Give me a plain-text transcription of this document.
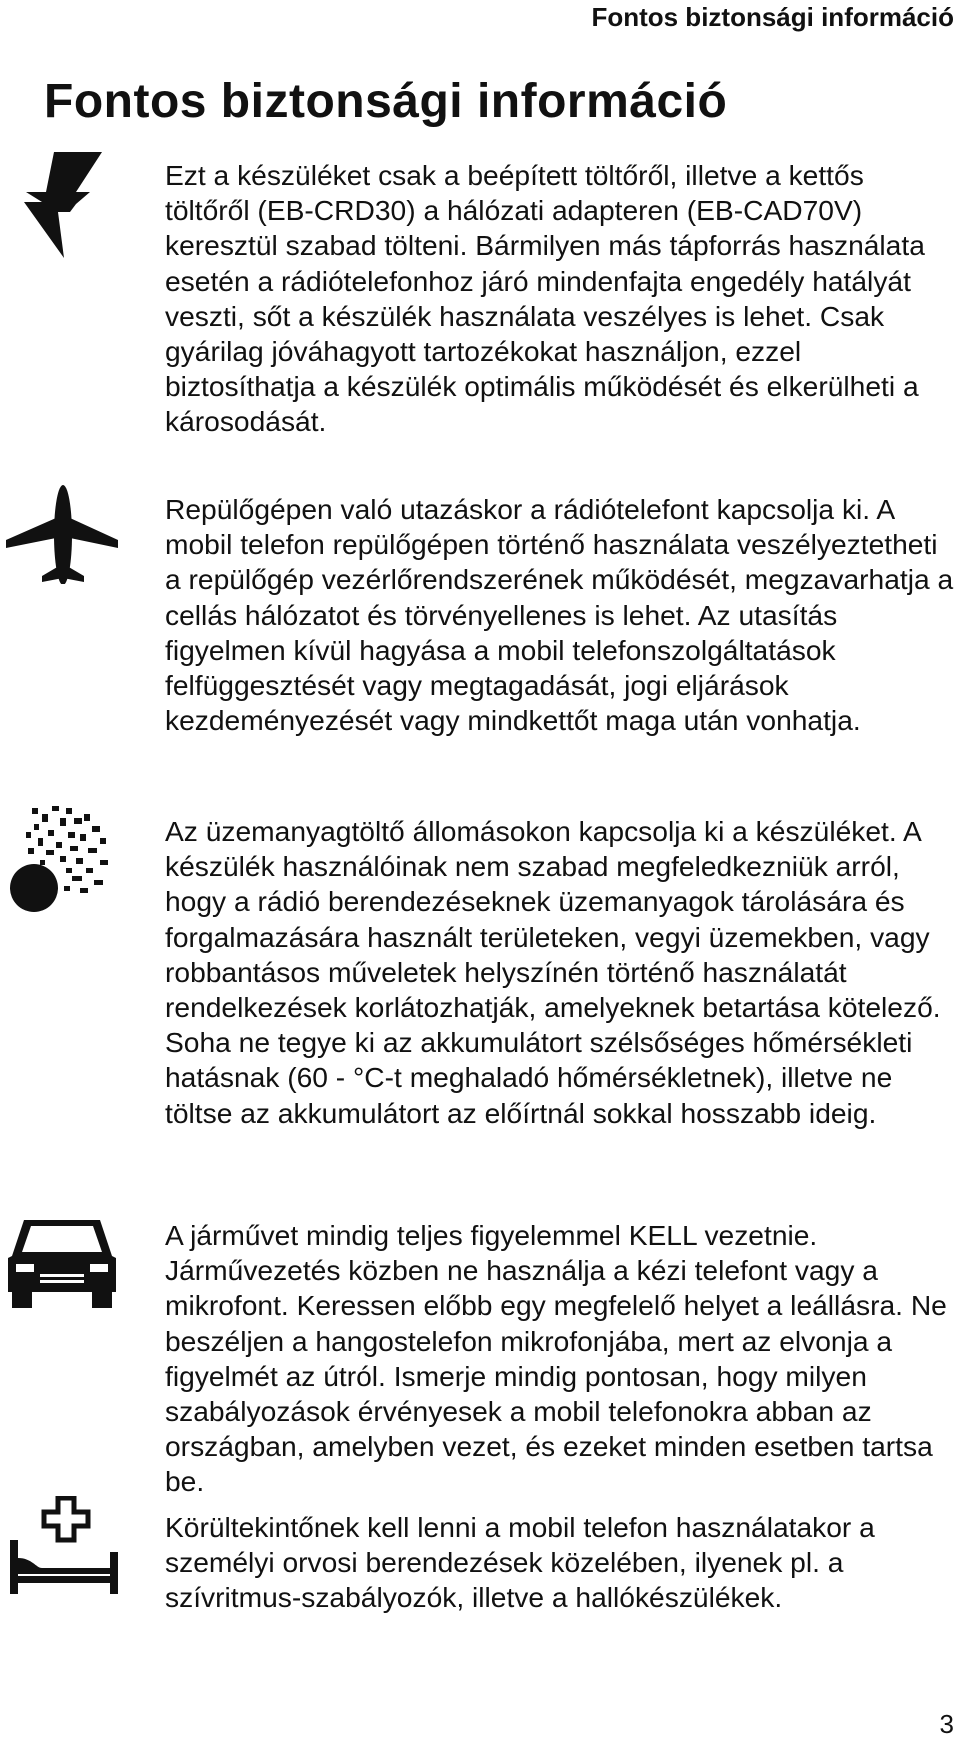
Fontos biztonsági információ
Fontos biztonsági információ

Ezt a készüléket csak a beépített töltőről, illetve a kettős töltőről (EB-CRD30) a hálózati adapteren (EB-CAD70V) keresztül szabad tölteni. Bármilyen más tápforrás használata esetén a rádiótelefonhoz járó mindenfajta engedély hatályát veszti, sőt a készülék használata veszélyes is lehet. Csak gyárilag jóváhagyott tartozékokat használjon, ezzel biztosíthatja a készülék optimális működését és elkerülheti a károsodását.

Repülőgépen való utazáskor a rádiótelefont kapcsolja ki. A mobil telefon repülőgépen történő használata veszélyeztetheti a repülőgép vezérlőrendszerének működését, megzavarhatja a cellás hálózatot és törvényellenes is lehet. Az utasítás figyelmen kívül hagyása a mobil telefonszolgáltatások felfüggesztését vagy megtagadását, jogi eljárások kezdeményezését vagy mindkettőt maga után vonhatja.

Az üzemanyagtöltő állomásokon kapcsolja ki a készüléket. A készülék használóinak nem szabad megfeledkezniük arról, hogy a rádió berendezéseknek üzemanyagok tárolására és forgalmazására használt területeken, vegyi üzemekben, vagy robbantásos műveletek helyszínén történő használatát rendelkezések korlátozhatják, amelyeknek betartása kötelező. Soha ne tegye ki az akkumulátort szélsőséges hőmérsékleti hatásnak (60 - °C-t meghaladó hőmérsékletnek), illetve ne töltse az akkumulátort az előírtnál sokkal hosszabb ideig.

A járművet mindig teljes figyelemmel KELL vezetnie. Járművezetés közben ne használja a kézi telefont vagy a mikrofont. Keressen előbb egy megfelelő helyet a leállásra. Ne beszéljen a hangostelefon mikrofonjába, mert az elvonja a figyelmét az útról. Ismerje mindig pontosan, hogy milyen szabályozások érvényesek a mobil telefonokra abban az országban, amelyben vezet, és ezeket minden esetben tartsa be.

Körültekintőnek kell lenni a mobil telefon használatakor a személyi orvosi berendezések közelében, ilyenek pl. a szívritmus-szabályozók, illetve a hallókészülékek.

3
